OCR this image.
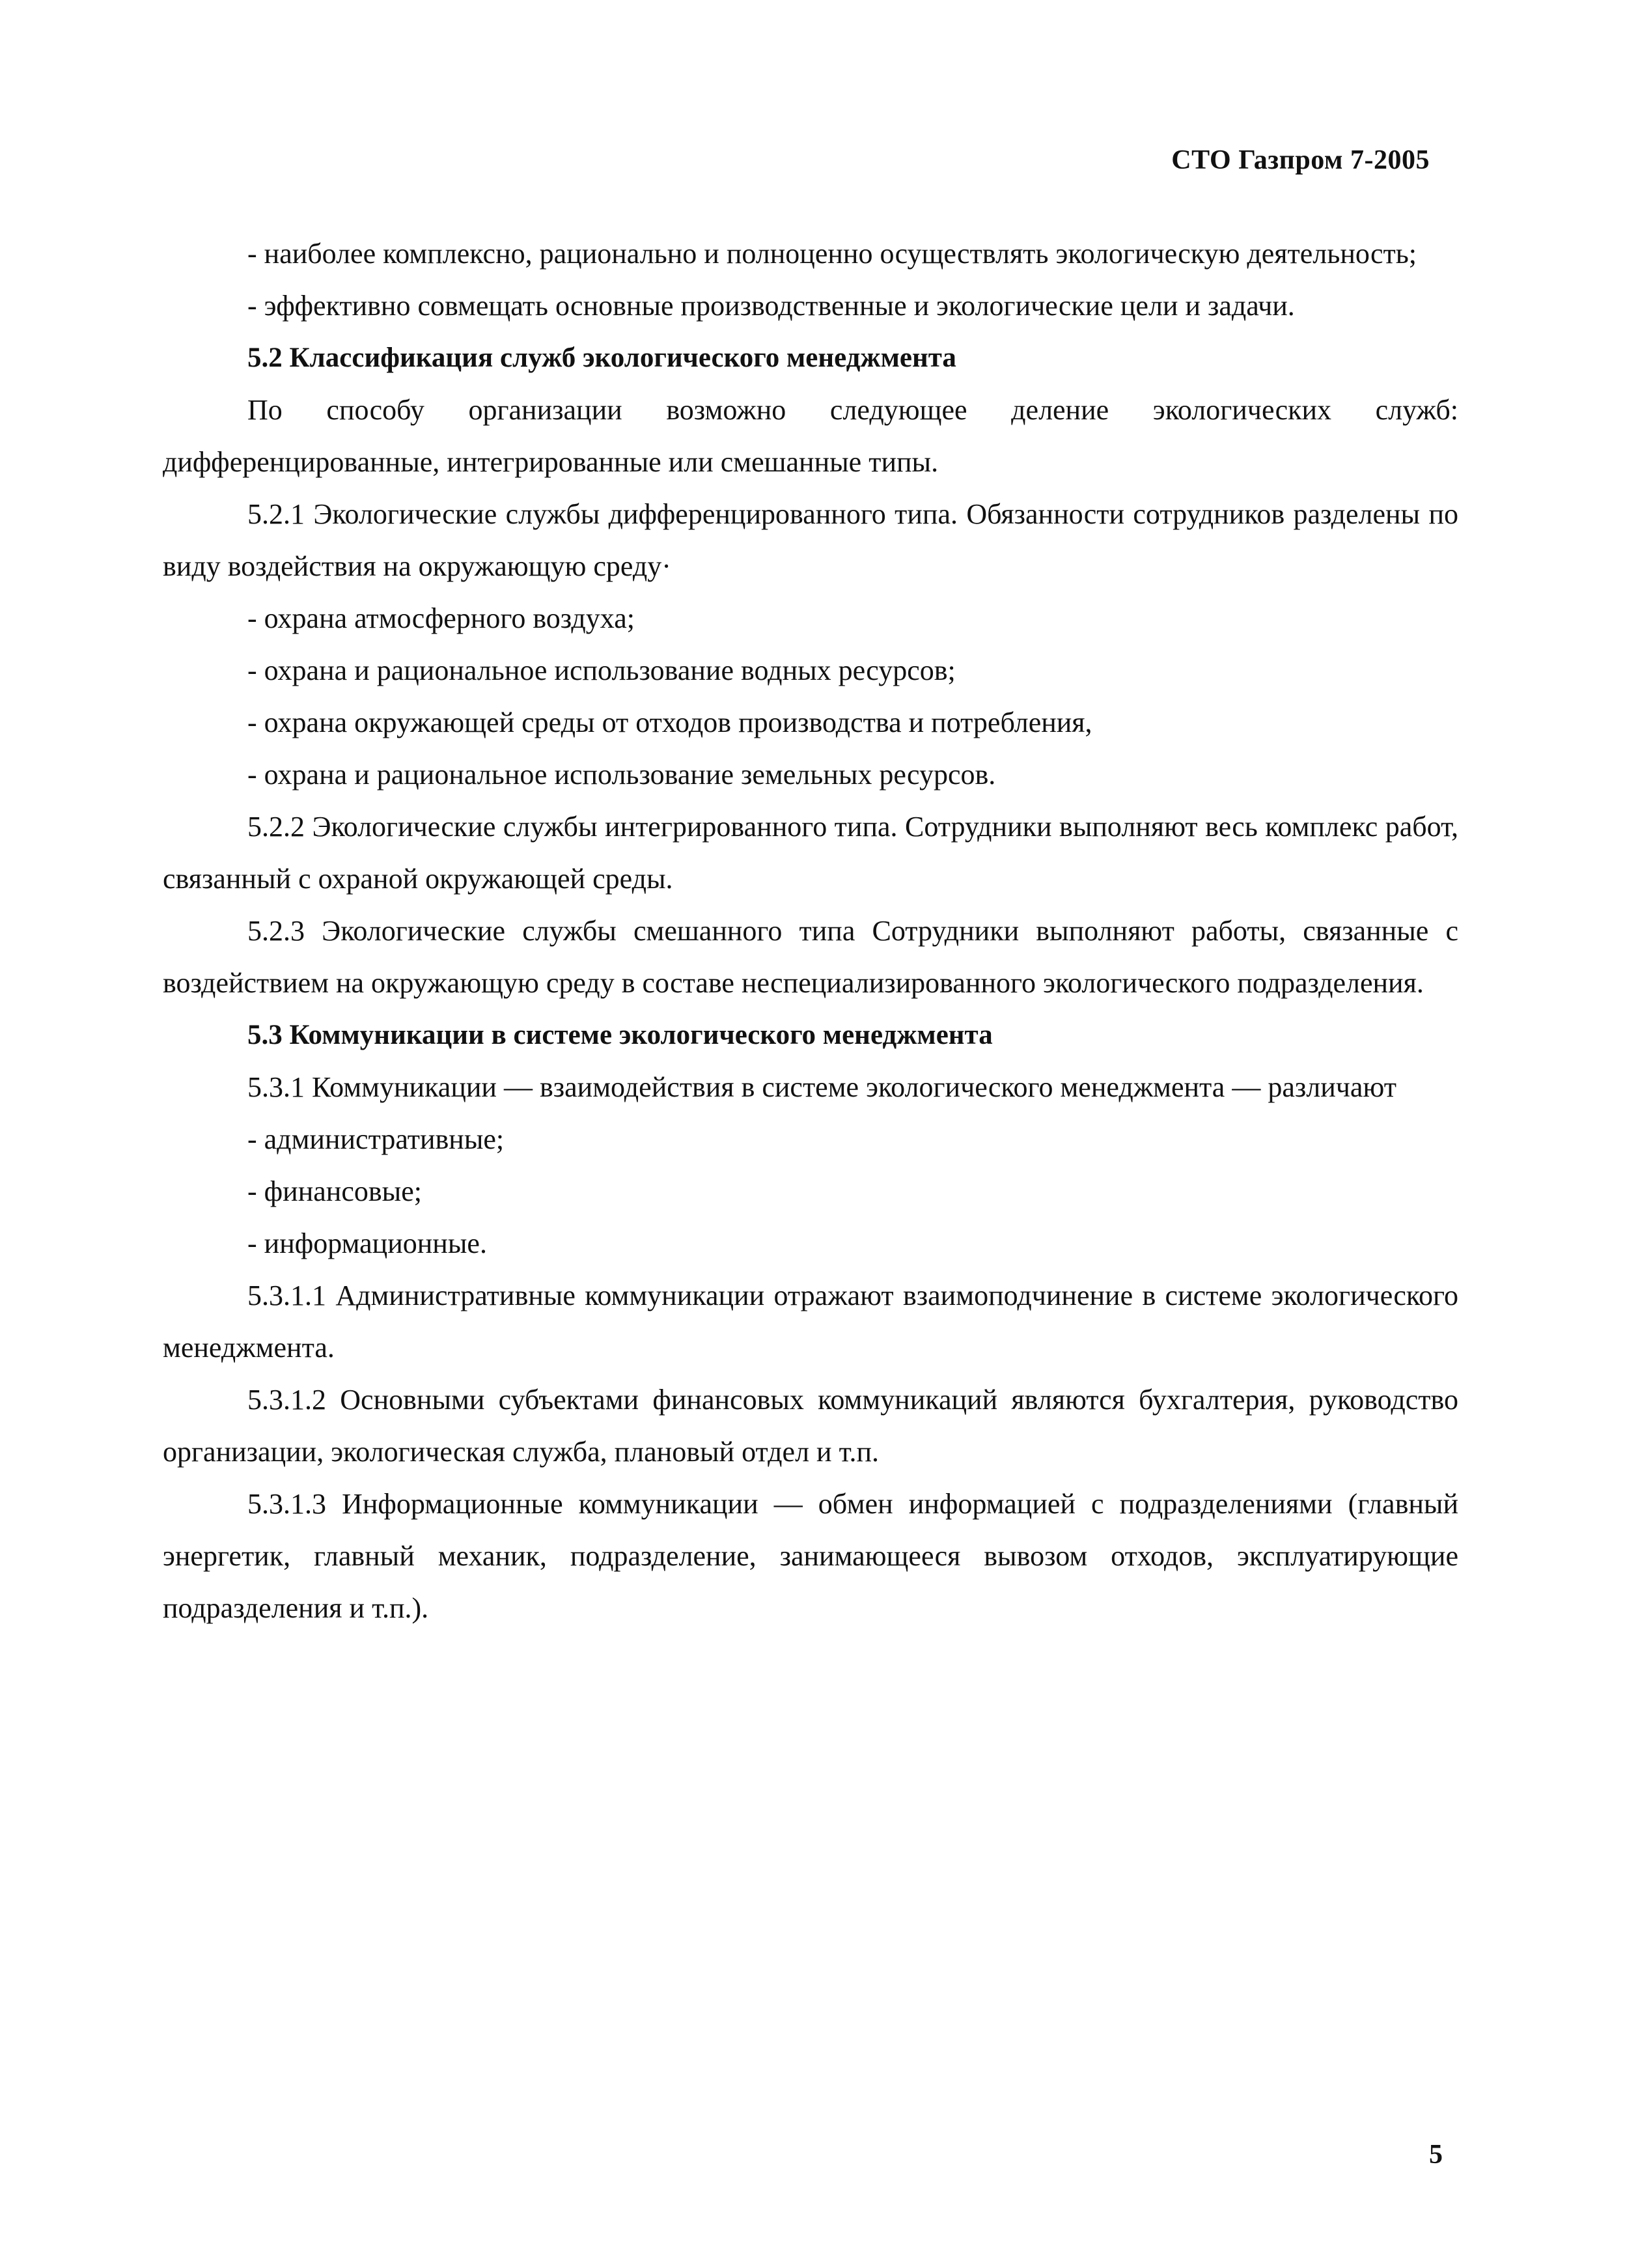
СТО Газпром 7-2005

- наиболее комплексно, рационально и полноценно осуществлять экологическую деятельность;

- эффективно совмещать основные производственные и экологические цели и задачи.

5.2 Классификация служб экологического менеджмента

По способу организации возможно следующее деление экологических служб: дифференцированные, интегрированные или смешанные типы.

5.2.1 Экологические службы дифференцированного типа. Обязанности сотрудников разделены по виду воздействия на окружающую среду·

- охрана атмосферного воздуха;

- охрана и рациональное использование водных ресурсов;

- охрана окружающей среды от отходов производства и потребления,

- охрана и рациональное использование земельных ресурсов.

5.2.2 Экологические службы интегрированного типа. Сотрудники выполняют весь комплекс работ, связанный с охраной окружающей среды.

5.2.3 Экологические службы смешанного типа Сотрудники выполняют работы, связанные с воздействием на окружающую среду в составе неспециализированного экологического подразделения.

5.3 Коммуникации в системе экологического менеджмента

5.3.1 Коммуникации — взаимодействия в системе экологического менеджмента — различают

- административные;

- финансовые;

- информационные.

5.3.1.1 Административные коммуникации отражают взаимоподчинение в системе экологического менеджмента.

5.3.1.2 Основными субъектами финансовых коммуникаций являются бухгалтерия, руководство организации, экологическая служба, плановый отдел и т.п.

5.3.1.3 Информационные коммуникации — обмен информацией с подразделениями (главный энергетик, главный механик, подразделение, занимающееся вывозом отходов, эксплуатирующие подразделения и т.п.).

5
